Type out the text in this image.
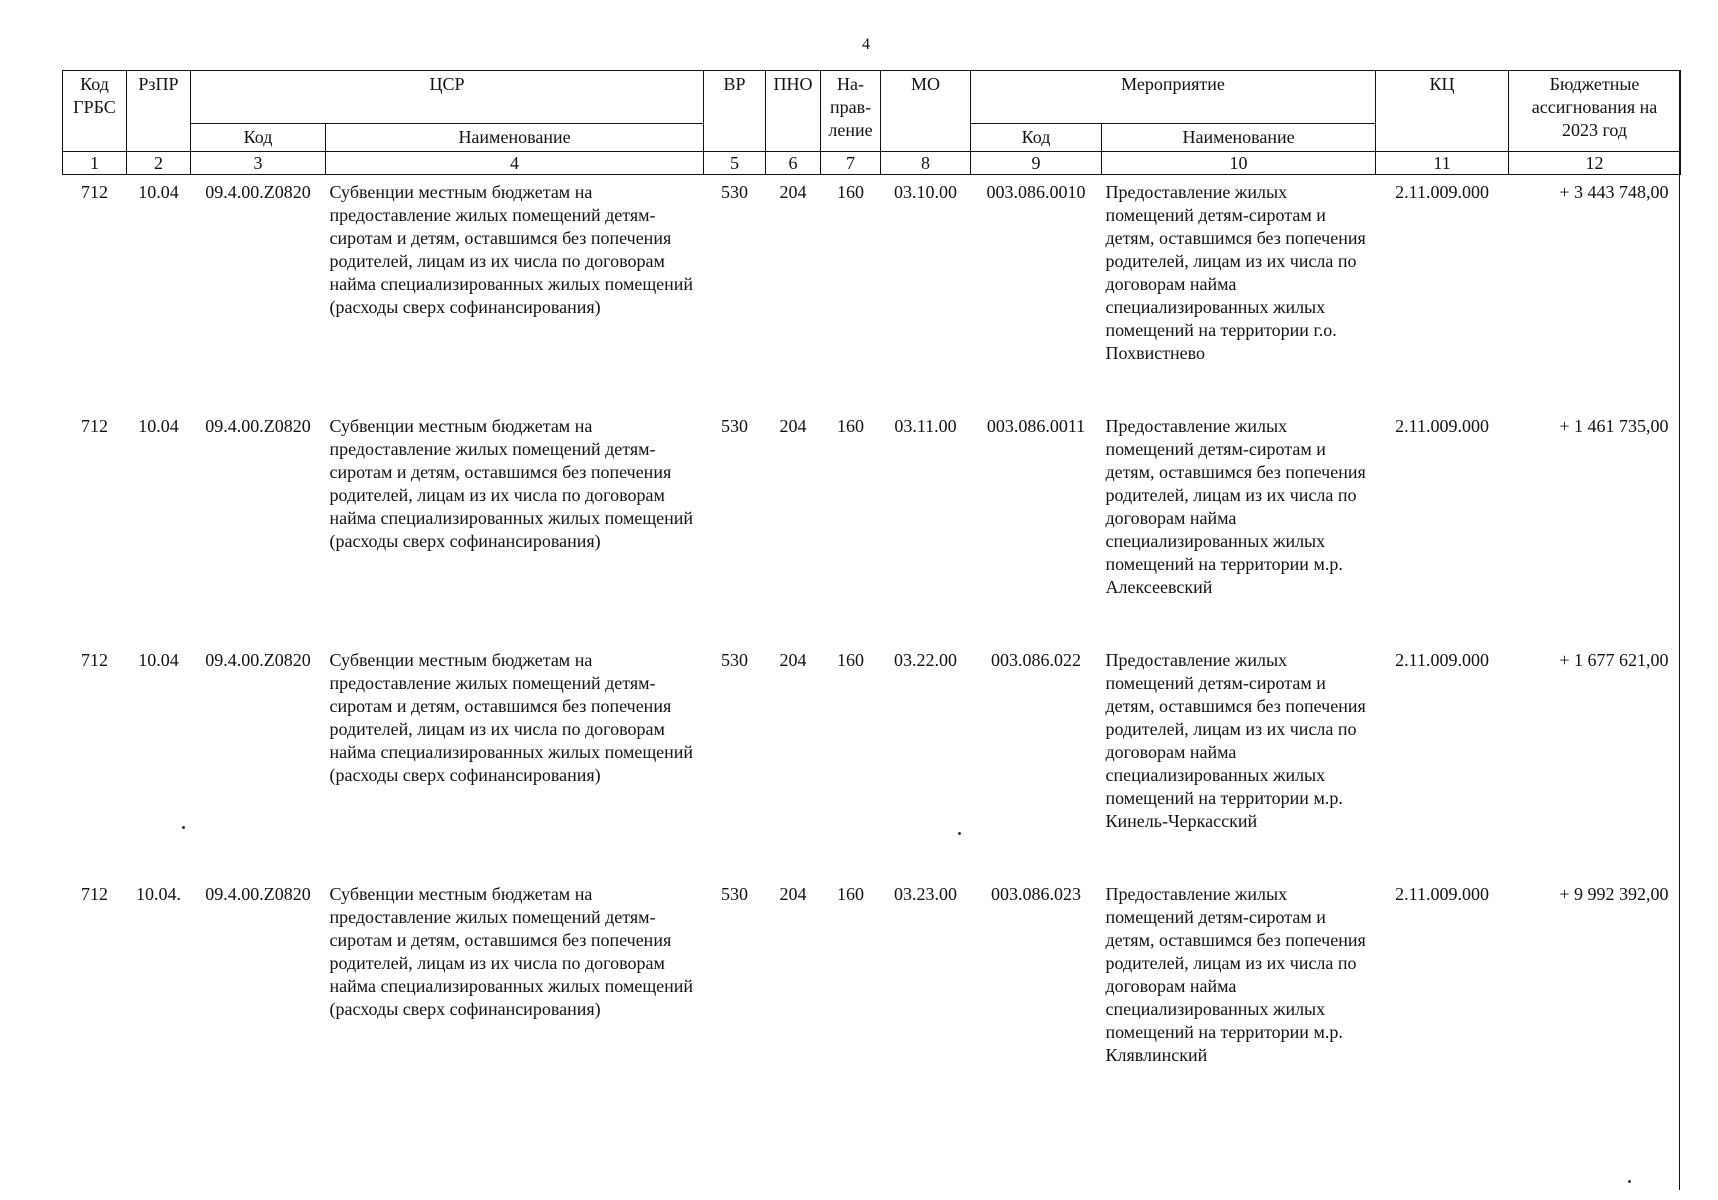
4
Код ГРБС	РзПР	ЦСР		ВР	ПНО	На-прав-ление	МО	Мероприятие		КЦ	Бюджетные ассигнования на 2023 год
		Код	Наименование					Код	Наименование		
1	2	3	4	5	6	7	8	9	10	11	12
712	10.04	09.4.00.Z0820	Субвенции местным бюджетам на предоставление жилых помещений детям-сиротам и детям, оставшимся без попечения родителей, лицам из их числа по договорам найма специализированных жилых помещений (расходы сверх софинансирования)	530	204	160	03.10.00	003.086.0010	Предоставление жилых помещений детям-сиротам и детям, оставшимся без попечения родителей, лицам из их числа по договорам найма специализированных жилых помещений на территории г.о. Похвистнево	2.11.009.000	+ 3 443 748,00
712	10.04	09.4.00.Z0820	Субвенции местным бюджетам на предоставление жилых помещений детям-сиротам и детям, оставшимся без попечения родителей, лицам из их числа по договорам найма специализированных жилых помещений (расходы сверх софинансирования)	530	204	160	03.11.00	003.086.0011	Предоставление жилых помещений детям-сиротам и детям, оставшимся без попечения родителей, лицам из их числа по договорам найма специализированных жилых помещений на территории м.р. Алексеевский	2.11.009.000	+ 1 461 735,00
712	10.04	09.4.00.Z0820	Субвенции местным бюджетам на предоставление жилых помещений детям-сиротам и детям, оставшимся без попечения родителей, лицам из их числа по договорам найма специализированных жилых помещений (расходы сверх софинансирования)	530	204	160	03.22.00	003.086.022	Предоставление жилых помещений детям-сиротам и детям, оставшимся без попечения родителей, лицам из их числа по договорам найма специализированных жилых помещений на территории м.р. Кинель-Черкасский	2.11.009.000	+ 1 677 621,00
712	10.04.	09.4.00.Z0820	Субвенции местным бюджетам на предоставление жилых помещений детям-сиротам и детям, оставшимся без попечения родителей, лицам из их числа по договорам найма специализированных жилых помещений (расходы сверх софинансирования)	530	204	160	03.23.00	003.086.023	Предоставление жилых помещений детям-сиротам и детям, оставшимся без попечения родителей, лицам из их числа по договорам найма специализированных жилых помещений на территории м.р. Клявлинский	2.11.009.000	+ 9 992 392,00
